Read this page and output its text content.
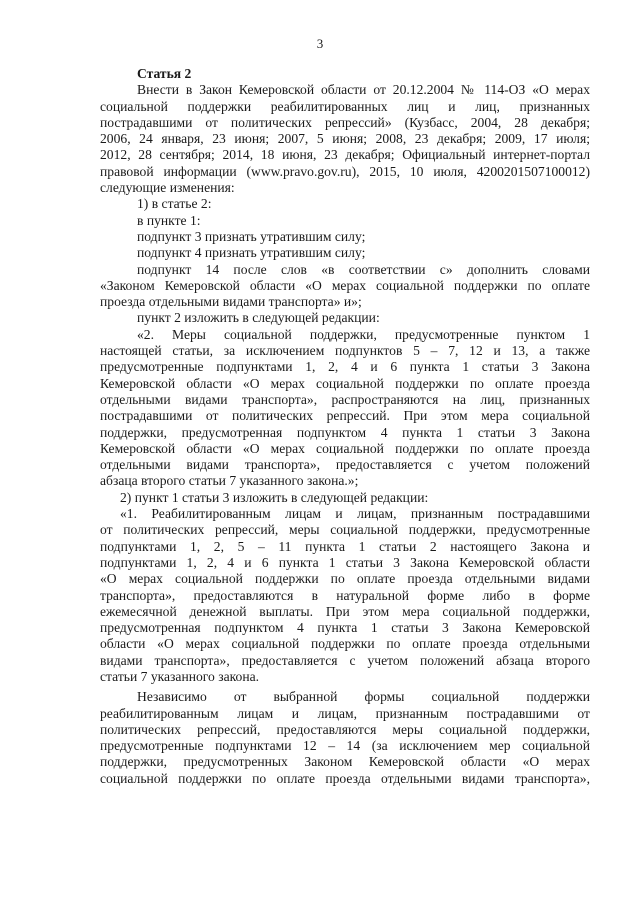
3
Статья 2
Внести в Закон Кемеровской области от 20.12.2004 № 114-ОЗ «О мерах
социальной поддержки реабилитированных лиц и лиц, признанных
пострадавшими от политических репрессий» (Кузбасс, 2004, 28 декабря;
2006, 24 января, 23 июня; 2007, 5 июня; 2008, 23 декабря; 2009, 17 июля;
2012, 28 сентября; 2014, 18 июня, 23 декабря; Официальный интернет-портал
правовой информации (www.pravo.gov.ru), 2015, 10 июля, 4200201507100012)
следующие изменения:
1) в статье 2:
в пункте 1:
подпункт 3 признать утратившим силу;
подпункт 4 признать утратившим силу;
подпункт 14 после слов «в соответствии с» дополнить словами
«Законом Кемеровской области «О мерах социальной поддержки по оплате
проезда отдельными видами транспорта» и»;
пункт 2 изложить в следующей редакции:
«2. Меры социальной поддержки, предусмотренные пунктом 1
настоящей статьи, за исключением подпунктов 5 – 7, 12 и 13, а также
предусмотренные подпунктами 1, 2, 4 и 6 пункта 1 статьи 3 Закона
Кемеровской области «О мерах социальной поддержки по оплате проезда
отдельными видами транспорта», распространяются на лиц, признанных
пострадавшими от политических репрессий. При этом мера социальной
поддержки, предусмотренная подпунктом 4 пункта 1 статьи 3 Закона
Кемеровской области «О мерах социальной поддержки по оплате проезда
отдельными видами транспорта», предоставляется с учетом положений
абзаца второго статьи 7 указанного закона.»;
2) пункт 1 статьи 3 изложить в следующей редакции:
«1. Реабилитированным лицам и лицам, признанным пострадавшими
от политических репрессий, меры социальной поддержки, предусмотренные
подпунктами 1, 2, 5 – 11 пункта 1 статьи 2 настоящего Закона и
подпунктами 1, 2, 4 и 6 пункта 1 статьи 3 Закона Кемеровской области
«О мерах социальной поддержки по оплате проезда отдельными видами
транспорта», предоставляются в натуральной форме либо в форме
ежемесячной денежной выплаты. При этом мера социальной поддержки,
предусмотренная подпунктом 4 пункта 1 статьи 3 Закона Кемеровской
области «О мерах социальной поддержки по оплате проезда отдельными
видами транспорта», предоставляется с учетом положений абзаца второго
статьи 7 указанного закона.
Независимо от выбранной формы социальной поддержки
реабилитированным лицам и лицам, признанным пострадавшими от
политических репрессий, предоставляются меры социальной поддержки,
предусмотренные подпунктами 12 – 14 (за исключением мер социальной
поддержки, предусмотренных Законом Кемеровской области «О мерах
социальной поддержки по оплате проезда отдельными видами транспорта»,
